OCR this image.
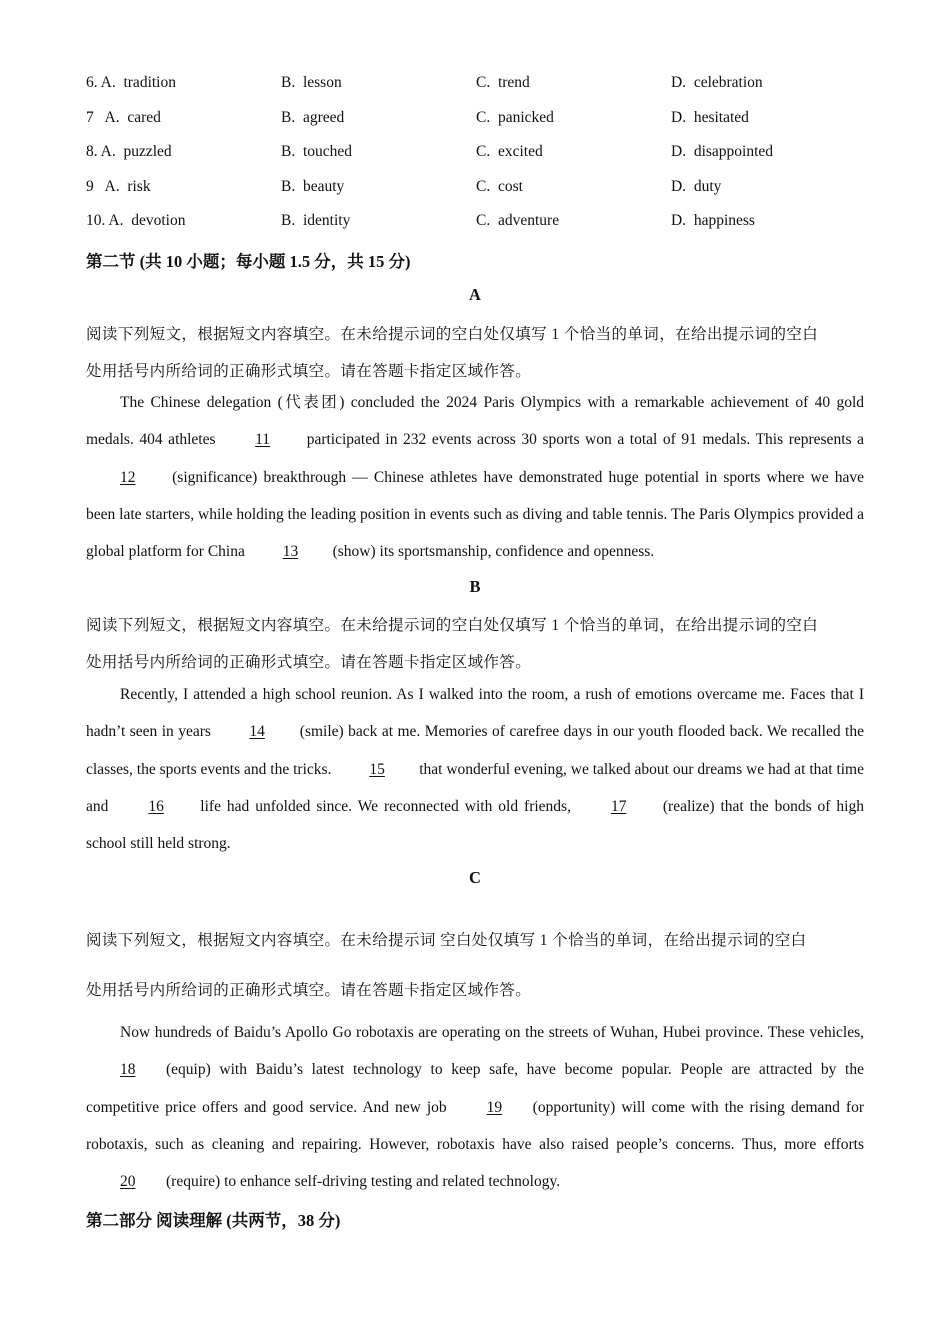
6. A. tradition	B.  lesson	C.  trend	D.  celebration
7   A. cared	B.  agreed	C.  panicked	D.  hesitated
8. A. puzzled	B.  touched	C.  excited	D.  disappointed
9   A. risk	B.  beauty	C.  cost	D.  duty
10. A. devotion	B.  identity	C.  adventure	D.  happiness
第二节 (共 10 小题；每小题 1.5 分，共 15 分)
A
阅读下列短文，根据短文内容填空。在未给提示词的空白处仅填写 1 个恰当的单词，在给出提示词的空白
处用括号内所给词的正确形式填空。请在答题卡指定区域作答。
The Chinese delegation (代表团) concluded the 2024 Paris Olympics with a remarkable achievement of 40 gold medals. 404 athletes 11 participated in 232 events across 30 sports won a total of 91 medals. This represents a 12 (significance) breakthrough — Chinese athletes have demonstrated huge potential in sports where we have been late starters, while holding the leading position in events such as diving and table tennis. The Paris Olympics provided a global platform for China 13 (show) its sportsmanship, confidence and openness.
B
阅读下列短文，根据短文内容填空。在未给提示词的空白处仅填写 1 个恰当的单词，在给出提示词的空白
处用括号内所给词的正确形式填空。请在答题卡指定区域作答。
Recently, I attended a high school reunion. As I walked into the room, a rush of emotions overcame me. Faces that I hadn’t seen in years 14 (smile) back at me. Memories of carefree days in our youth flooded back. We recalled the classes, the sports events and the tricks. 15 that wonderful evening, we talked about our dreams we had at that time and 16 life had unfolded since. We reconnected with old friends, 17 (realize) that the bonds of high school still held strong.
C
阅读下列短文，根据短文内容填空。在未给提示词 空白处仅填写 1 个恰当的单词，在给出提示词的空白
处用括号内所给词的正确形式填空。请在答题卡指定区域作答。
Now hundreds of Baidu’s Apollo Go robotaxis are operating on the streets of Wuhan, Hubei province. These vehicles, 18 (equip) with Baidu’s latest technology to keep safe, have become popular. People are attracted by the competitive price offers and good service. And new job 19 (opportunity) will come with the rising demand for robotaxis, such as cleaning and repairing. However, robotaxis have also raised people’s concerns. Thus, more efforts20 (require) to enhance self-driving testing and related technology.
第二部分 阅读理解 (共两节，38 分)
